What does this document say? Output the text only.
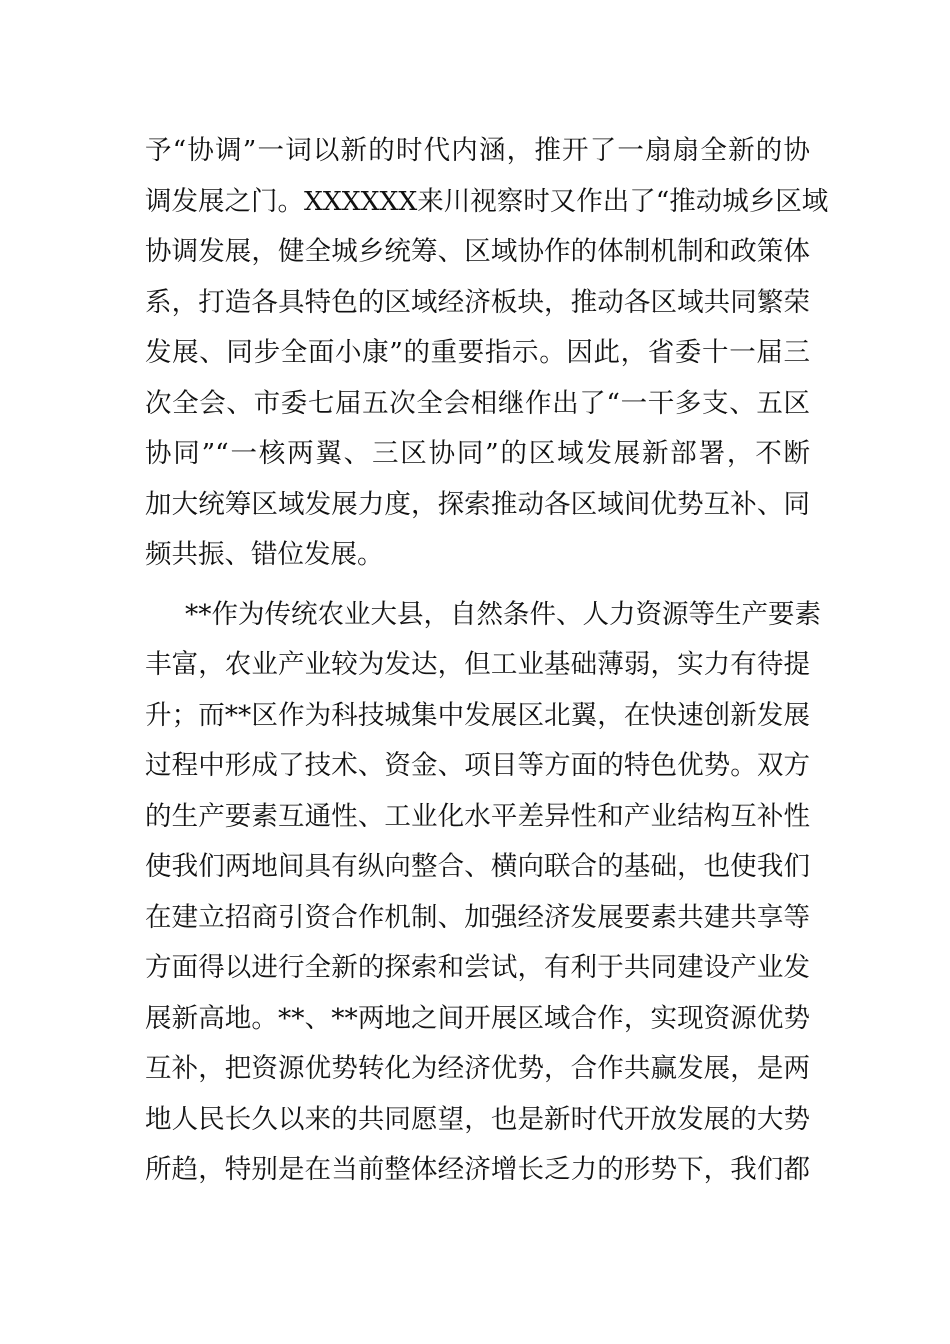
予“协调”一词以新的时代内涵，推开了一扇扇全新的协
调发展之门。XXXXXX来川视察时又作出了“推动城乡区域
协调发展，健全城乡统筹、区域协作的体制机制和政策体
系，打造各具特色的区域经济板块，推动各区域共同繁荣
发展、同步全面小康”的重要指示。因此，省委十一届三
次全会、市委七届五次全会相继作出了“一干多支、五区
协同”“一核两翼、三区协同”的区域发展新部署，不断
加大统筹区域发展力度，探索推动各区域间优势互补、同
频共振、错位发展。
**作为传统农业大县，自然条件、人力资源等生产要素
丰富，农业产业较为发达，但工业基础薄弱，实力有待提
升；而**区作为科技城集中发展区北翼，在快速创新发展
过程中形成了技术、资金、项目等方面的特色优势。双方
的生产要素互通性、工业化水平差异性和产业结构互补性
使我们两地间具有纵向整合、横向联合的基础，也使我们
在建立招商引资合作机制、加强经济发展要素共建共享等
方面得以进行全新的探索和尝试，有利于共同建设产业发
展新高地。**、**两地之间开展区域合作，实现资源优势
互补，把资源优势转化为经济优势，合作共赢发展，是两
地人民长久以来的共同愿望，也是新时代开放发展的大势
所趋，特别是在当前整体经济增长乏力的形势下，我们都
